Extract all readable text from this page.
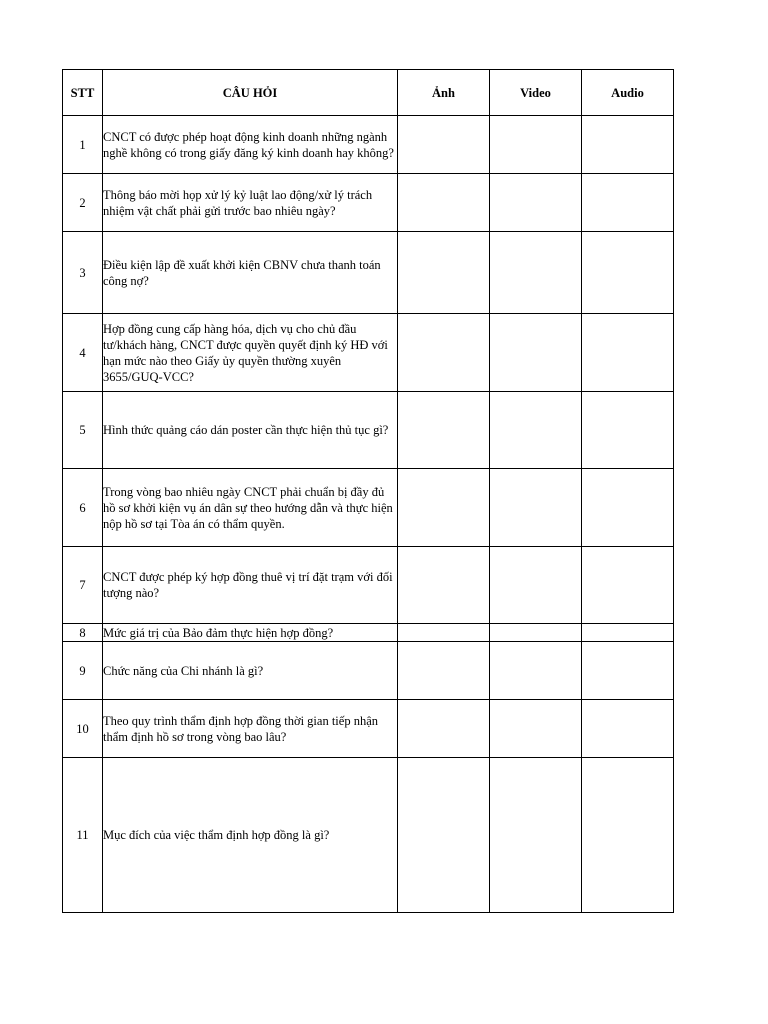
STT	CÂU HỎI	Ảnh	Video	Audio
1	CNCT có được phép hoạt động kinh doanh những ngành nghề không có trong giấy đăng ký kinh doanh hay không?			
2	Thông báo mời họp xử lý kỷ luật lao động/xử lý trách nhiệm vật chất phải gửi trước bao nhiêu ngày?			
3	Điều kiện lập đề xuất khởi kiện CBNV chưa thanh toán công nợ?			
4	Hợp đồng cung cấp hàng hóa, dịch vụ cho chủ đầu tư/khách hàng, CNCT được quyền quyết định ký HĐ với hạn mức nào theo Giấy ủy quyền thường xuyên 3655/GUQ-VCC?			
5	Hình thức quảng cáo dán poster cần thực hiện thủ tục gì?			
6	Trong vòng bao nhiêu ngày CNCT phải chuẩn bị đầy đủ hồ sơ khởi kiện vụ án dân sự theo hướng dẫn và thực hiện nộp hồ sơ tại Tòa án có thẩm quyền.			
7	CNCT được phép ký hợp đồng thuê vị trí đặt trạm với đối tượng nào?			
8	Mức giá trị của Bảo đảm thực hiện hợp đồng?			
9	Chức năng của Chi nhánh là gì?			
10	Theo quy trình thẩm định hợp đồng thời gian tiếp nhận thẩm định hồ sơ trong vòng bao lâu?			
11	Mục đích của việc thẩm định hợp đồng là gì?			
